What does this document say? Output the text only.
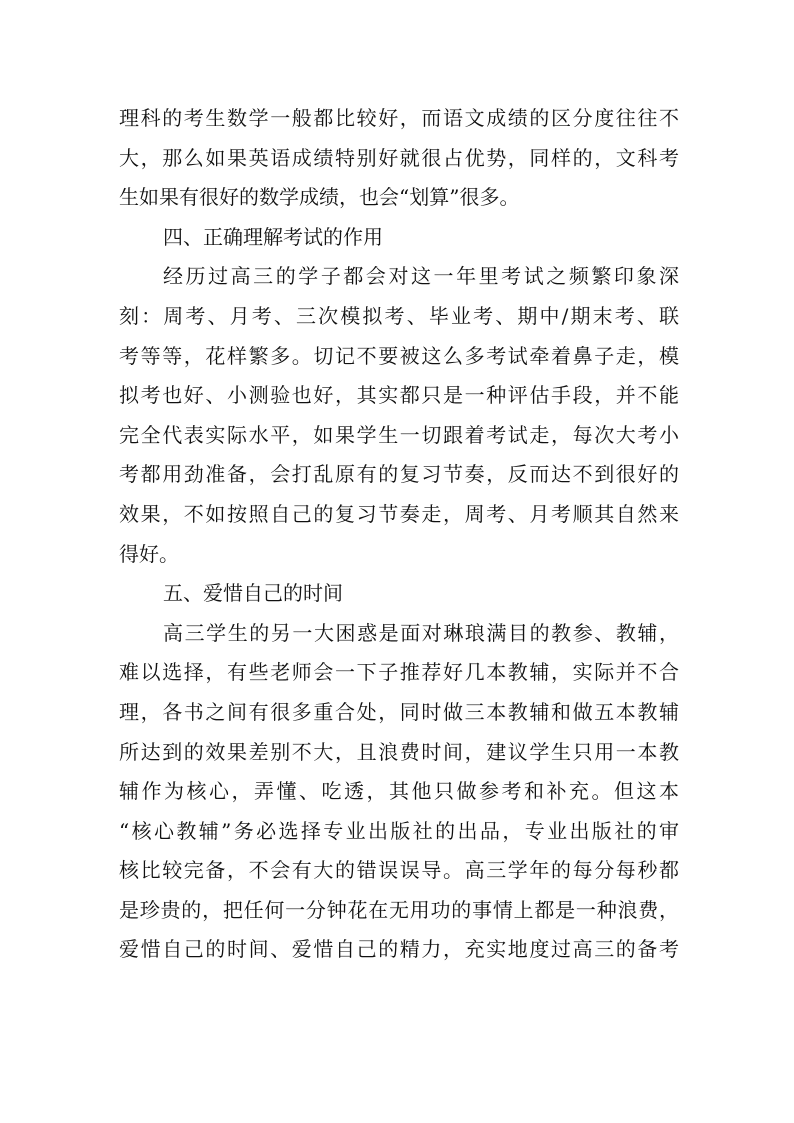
理科的考生数学一般都比较好，而语文成绩的区分度往往不
大，那么如果英语成绩特别好就很占优势，同样的，文科考
生如果有很好的数学成绩，也会“划算”很多。
四、正确理解考试的作用
经历过高三的学子都会对这一年里考试之频繁印象深
刻：周考、月考、三次模拟考、毕业考、期中/期末考、联
考等等，花样繁多。切记不要被这么多考试牵着鼻子走，模
拟考也好、小测验也好，其实都只是一种评估手段，并不能
完全代表实际水平，如果学生一切跟着考试走，每次大考小
考都用劲准备，会打乱原有的复习节奏，反而达不到很好的
效果，不如按照自己的复习节奏走，周考、月考顺其自然来
得好。
五、爱惜自己的时间
高三学生的另一大困惑是面对琳琅满目的教参、教辅，
难以选择，有些老师会一下子推荐好几本教辅，实际并不合
理，各书之间有很多重合处，同时做三本教辅和做五本教辅
所达到的效果差别不大，且浪费时间，建议学生只用一本教
辅作为核心，弄懂、吃透，其他只做参考和补充。但这本
“核心教辅”务必选择专业出版社的出品，专业出版社的审
核比较完备，不会有大的错误误导。高三学年的每分每秒都
是珍贵的，把任何一分钟花在无用功的事情上都是一种浪费，
爱惜自己的时间、爱惜自己的精力，充实地度过高三的备考
